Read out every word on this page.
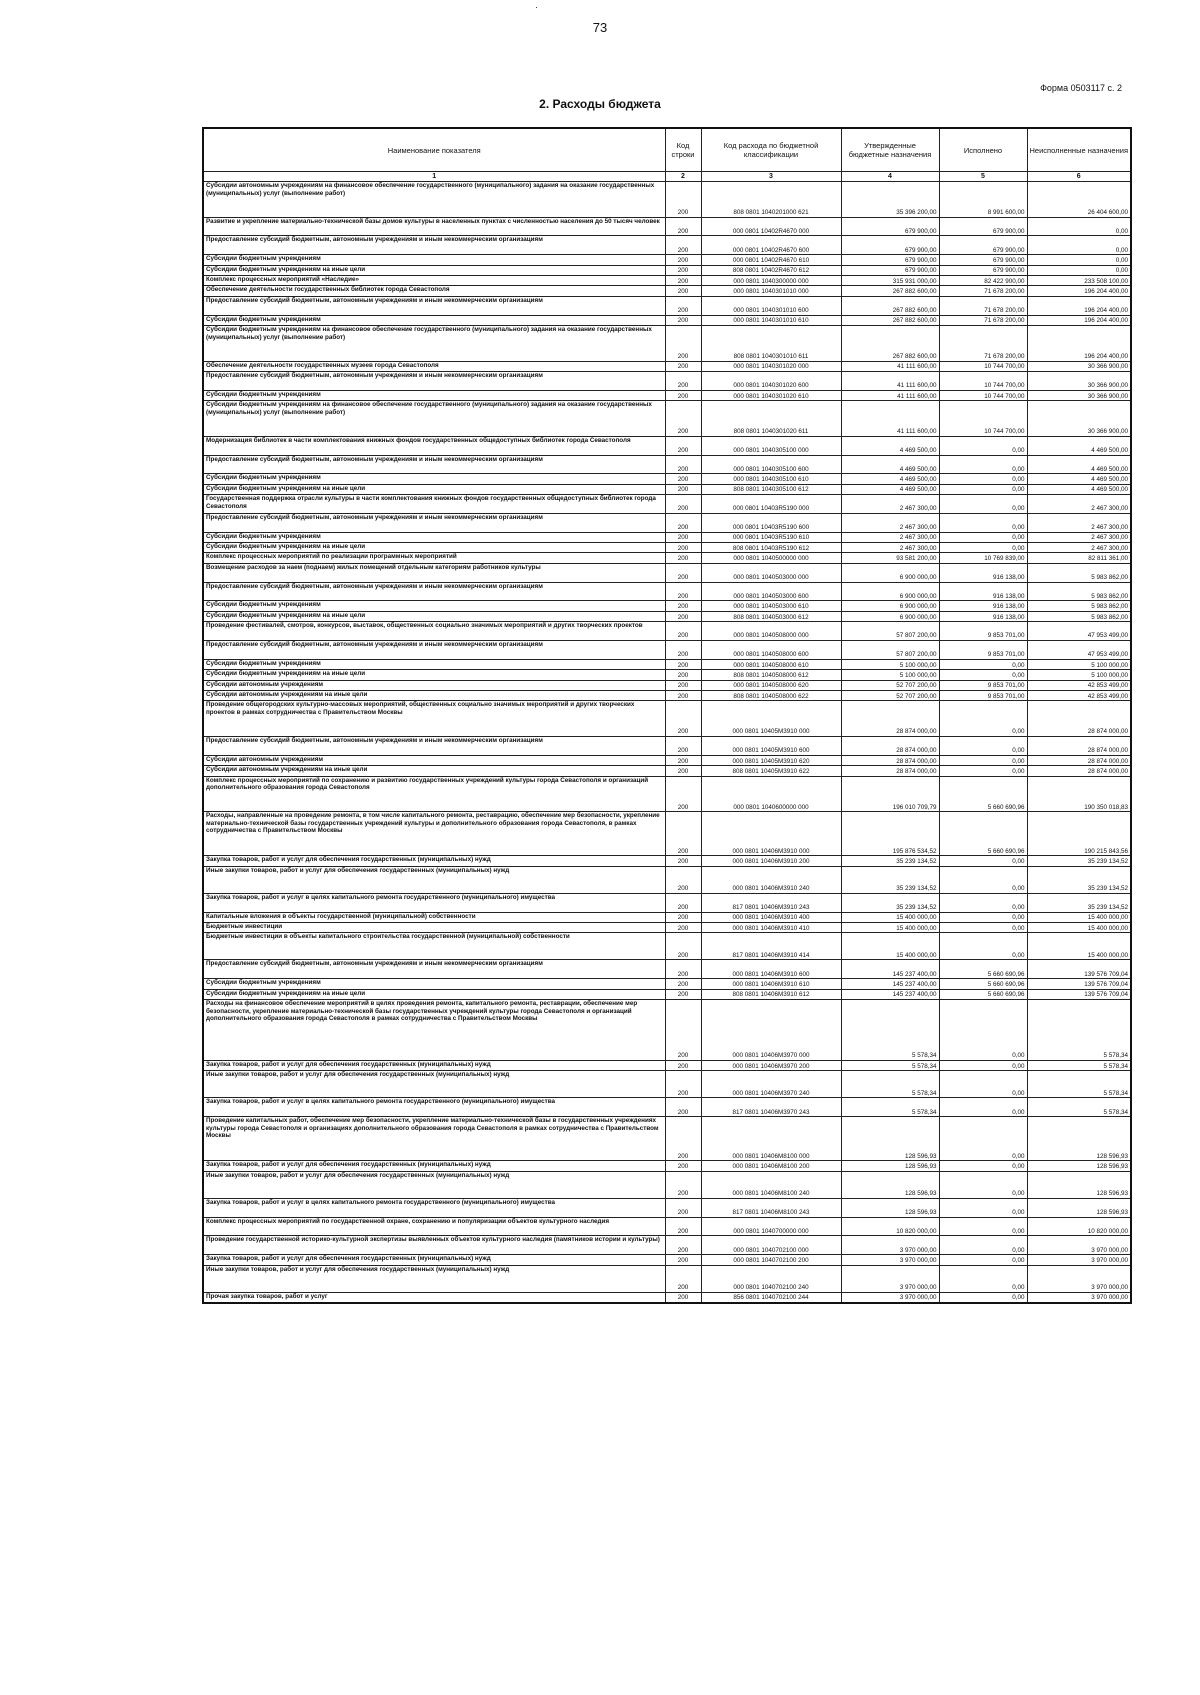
·
73
Форма 0503117 с. 2
2. Расходы бюджета
Наименование показателя	Код строки	Код расхода по бюджетной классификации	Утвержденные бюджетные назначения	Исполнено	Неисполненные назначения
1	2	3	4	5	6
Субсидии автономным учреждениям на финансовое обеспечение государственного (муниципального) задания на оказание государственных (муниципальных) услуг (выполнение работ)	200	808 0801 1040201000 621	35 396 200,00	8 991 600,00	26 404 600,00
Развитие и укрепление материально-технической базы домов культуры в населенных пунктах с численностью населения до 50 тысяч человек	200	000 0801 10402R4670 000	679 900,00	679 900,00	0,00
Предоставление субсидий бюджетным, автономным учреждениям и иным некоммерческим организациям	200	000 0801 10402R4670 600	679 900,00	679 900,00	0,00
Субсидии бюджетным учреждениям	200	000 0801 10402R4670 610	679 900,00	679 900,00	0,00
Субсидии бюджетным учреждениям на иные цели	200	808 0801 10402R4670 612	679 900,00	679 900,00	0,00
Комплекс процессных мероприятий «Наследие»	200	000 0801 1040300000 000	315 931 000,00	82 422 900,00	233 508 100,00
Обеспечение деятельности государственных библиотек города Севастополя	200	000 0801 1040301010 000	267 882 600,00	71 678 200,00	196 204 400,00
Предоставление субсидий бюджетным, автономным учреждениям и иным некоммерческим организациям	200	000 0801 1040301010 600	267 882 600,00	71 678 200,00	196 204 400,00
Субсидии бюджетным учреждениям	200	000 0801 1040301010 610	267 882 600,00	71 678 200,00	196 204 400,00
Субсидии бюджетным учреждениям на финансовое обеспечение государственного (муниципального) задания на оказание государственных (муниципальных) услуг (выполнение работ)	200	808 0801 1040301010 611	267 882 600,00	71 678 200,00	196 204 400,00
Обеспечение деятельности государственных музеев города Севастополя	200	000 0801 1040301020 000	41 111 600,00	10 744 700,00	30 366 900,00
Предоставление субсидий бюджетным, автономным учреждениям и иным некоммерческим организациям	200	000 0801 1040301020 600	41 111 600,00	10 744 700,00	30 366 900,00
Субсидии бюджетным учреждениям	200	000 0801 1040301020 610	41 111 600,00	10 744 700,00	30 366 900,00
Субсидии бюджетным учреждениям на финансовое обеспечение государственного (муниципального) задания на оказание государственных (муниципальных) услуг (выполнение работ)	200	808 0801 1040301020 611	41 111 600,00	10 744 700,00	30 366 900,00
Модернизация библиотек в части комплектования книжных фондов государственных общедоступных библиотек города Севастополя	200	000 0801 1040305100 000	4 469 500,00	0,00	4 469 500,00
Предоставление субсидий бюджетным, автономным учреждениям и иным некоммерческим организациям	200	000 0801 1040305100 600	4 469 500,00	0,00	4 469 500,00
Субсидии бюджетным учреждениям	200	000 0801 1040305100 610	4 469 500,00	0,00	4 469 500,00
Субсидии бюджетным учреждениям на иные цели	200	808 0801 1040305100 612	4 469 500,00	0,00	4 469 500,00
Государственная поддержка отрасли культуры в части комплектования книжных фондов государственных общедоступных библиотек города Севастополя	200	000 0801 10403R5190 000	2 467 300,00	0,00	2 467 300,00
Предоставление субсидий бюджетным, автономным учреждениям и иным некоммерческим организациям	200	000 0801 10403R5190 600	2 467 300,00	0,00	2 467 300,00
Субсидии бюджетным учреждениям	200	000 0801 10403R5190 610	2 467 300,00	0,00	2 467 300,00
Субсидии бюджетным учреждениям на иные цели	200	808 0801 10403R5190 612	2 467 300,00	0,00	2 467 300,00
Комплекс процессных мероприятий по реализации программных мероприятий	200	000 0801 1040500000 000	93 581 200,00	10 769 839,00	82 811 361,00
Возмещение расходов за наем (поднаем) жилых помещений отдельным категориям работников культуры	200	000 0801 1040503000 000	6 900 000,00	916 138,00	5 983 862,00
Предоставление субсидий бюджетным, автономным учреждениям и иным некоммерческим организациям	200	000 0801 1040503000 600	6 900 000,00	916 138,00	5 983 862,00
Субсидии бюджетным учреждениям	200	000 0801 1040503000 610	6 900 000,00	916 138,00	5 983 862,00
Субсидии бюджетным учреждениям на иные цели	200	808 0801 1040503000 612	6 900 000,00	916 138,00	5 983 862,00
Проведение фестивалей, смотров, конкурсов, выставок, общественных социально значимых мероприятий и других творческих проектов	200	000 0801 1040508000 000	57 807 200,00	9 853 701,00	47 953 499,00
Предоставление субсидий бюджетным, автономным учреждениям и иным некоммерческим организациям	200	000 0801 1040508000 600	57 807 200,00	9 853 701,00	47 953 499,00
Субсидии бюджетным учреждениям	200	000 0801 1040508000 610	5 100 000,00	0,00	5 100 000,00
Субсидии бюджетным учреждениям на иные цели	200	808 0801 1040508000 612	5 100 000,00	0,00	5 100 000,00
Субсидии автономным учреждениям	200	000 0801 1040508000 620	52 707 200,00	9 853 701,00	42 853 499,00
Субсидии автономным учреждениям на иные цели	200	808 0801 1040508000 622	52 707 200,00	9 853 701,00	42 853 499,00
Проведение общегородских культурно-массовых мероприятий, общественных социально значимых мероприятий и других творческих проектов в рамках сотрудничества с Правительством Москвы	200	000 0801 10405М3910 000	28 874 000,00	0,00	28 874 000,00
Предоставление субсидий бюджетным, автономным учреждениям и иным некоммерческим организациям	200	000 0801 10405М3910 600	28 874 000,00	0,00	28 874 000,00
Субсидии автономным учреждениям	200	000 0801 10405М3910 620	28 874 000,00	0,00	28 874 000,00
Субсидии автономным учреждениям на иные цели	200	808 0801 10405М3910 622	28 874 000,00	0,00	28 874 000,00
Комплекс процессных мероприятий по сохранению и развитию государственных учреждений культуры города Севастополя и организаций дополнительного образования города Севастополя	200	000 0801 1040600000 000	196 010 709,79	5 660 690,96	190 350 018,83
Расходы, направленные на проведение ремонта, в том числе капитального ремонта, реставрацию, обеспечение мер безопасности, укрепление материально-технической базы государственных учреждений культуры и дополнительного образования города Севастополя, в рамках сотрудничества с Правительством Москвы	200	000 0801 10406М3910 000	195 876 534,52	5 660 690,96	190 215 843,56
Закупка товаров, работ и услуг для обеспечения государственных (муниципальных) нужд	200	000 0801 10406М3910 200	35 239 134,52	0,00	35 239 134,52
Иные закупки товаров, работ и услуг для обеспечения государственных (муниципальных) нужд	200	000 0801 10406М3910 240	35 239 134,52	0,00	35 239 134,52
Закупка товаров, работ и услуг в целях капитального ремонта государственного (муниципального) имущества	200	817 0801 10406М3910 243	35 239 134,52	0,00	35 239 134,52
Капитальные вложения в объекты государственной (муниципальной) собственности	200	000 0801 10406М3910 400	15 400 000,00	0,00	15 400 000,00
Бюджетные инвестиции	200	000 0801 10406М3910 410	15 400 000,00	0,00	15 400 000,00
Бюджетные инвестиции в объекты капитального строительства государственной (муниципальной) собственности	200	817 0801 10406М3910 414	15 400 000,00	0,00	15 400 000,00
Предоставление субсидий бюджетным, автономным учреждениям и иным некоммерческим организациям	200	000 0801 10406М3910 600	145 237 400,00	5 660 690,96	139 576 709,04
Субсидии бюджетным учреждениям	200	000 0801 10406М3910 610	145 237 400,00	5 660 690,96	139 576 709,04
Субсидии бюджетным учреждениям на иные цели	200	808 0801 10406М3910 612	145 237 400,00	5 660 690,96	139 576 709,04
Расходы на финансовое обеспечение мероприятий в целях проведения ремонта, капитального ремонта, реставрации, обеспечение мер безопасности, укрепление материально-технической базы государственных учреждений культуры города Севастополя и организаций дополнительного образования города Севастополя в рамках сотрудничества с Правительством Москвы	200	000 0801 10406М3970 000	5 578,34	0,00	5 578,34
Закупка товаров, работ и услуг для обеспечения государственных (муниципальных) нужд	200	000 0801 10406М3970 200	5 578,34	0,00	5 578,34
Иные закупки товаров, работ и услуг для обеспечения государственных (муниципальных) нужд	200	000 0801 10406М3970 240	5 578,34	0,00	5 578,34
Закупка товаров, работ и услуг в целях капитального ремонта государственного (муниципального) имущества	200	817 0801 10406М3970 243	5 578,34	0,00	5 578,34
Проведение капитальных работ, обеспечение мер безопасности, укрепление материально-технической базы в государственных учреждениях культуры города Севастополя и организациях дополнительного образования города Севастополя в рамках сотрудничества с Правительством Москвы	200	000 0801 10406М8100 000	128 596,93	0,00	128 596,93
Закупка товаров, работ и услуг для обеспечения государственных (муниципальных) нужд	200	000 0801 10406М8100 200	128 596,93	0,00	128 596,93
Иные закупки товаров, работ и услуг для обеспечения государственных (муниципальных) нужд	200	000 0801 10406М8100 240	128 596,93	0,00	128 596,93
Закупка товаров, работ и услуг в целях капитального ремонта государственного (муниципального) имущества	200	817 0801 10406М8100 243	128 596,93	0,00	128 596,93
Комплекс процессных мероприятий по государственной охране, сохранению и популяризации объектов культурного наследия	200	000 0801 1040700000 000	10 820 000,00	0,00	10 820 000,00
Проведение государственной историко-культурной экспертизы выявленных объектов культурного наследия (памятников истории и культуры)	200	000 0801 1040702100 000	3 970 000,00	0,00	3 970 000,00
Закупка товаров, работ и услуг для обеспечения государственных (муниципальных) нужд	200	000 0801 1040702100 200	3 970 000,00	0,00	3 970 000,00
Иные закупки товаров, работ и услуг для обеспечения государственных (муниципальных) нужд	200	000 0801 1040702100 240	3 970 000,00	0,00	3 970 000,00
Прочая закупка товаров, работ и услуг	200	856 0801 1040702100 244	3 970 000,00	0,00	3 970 000,00
